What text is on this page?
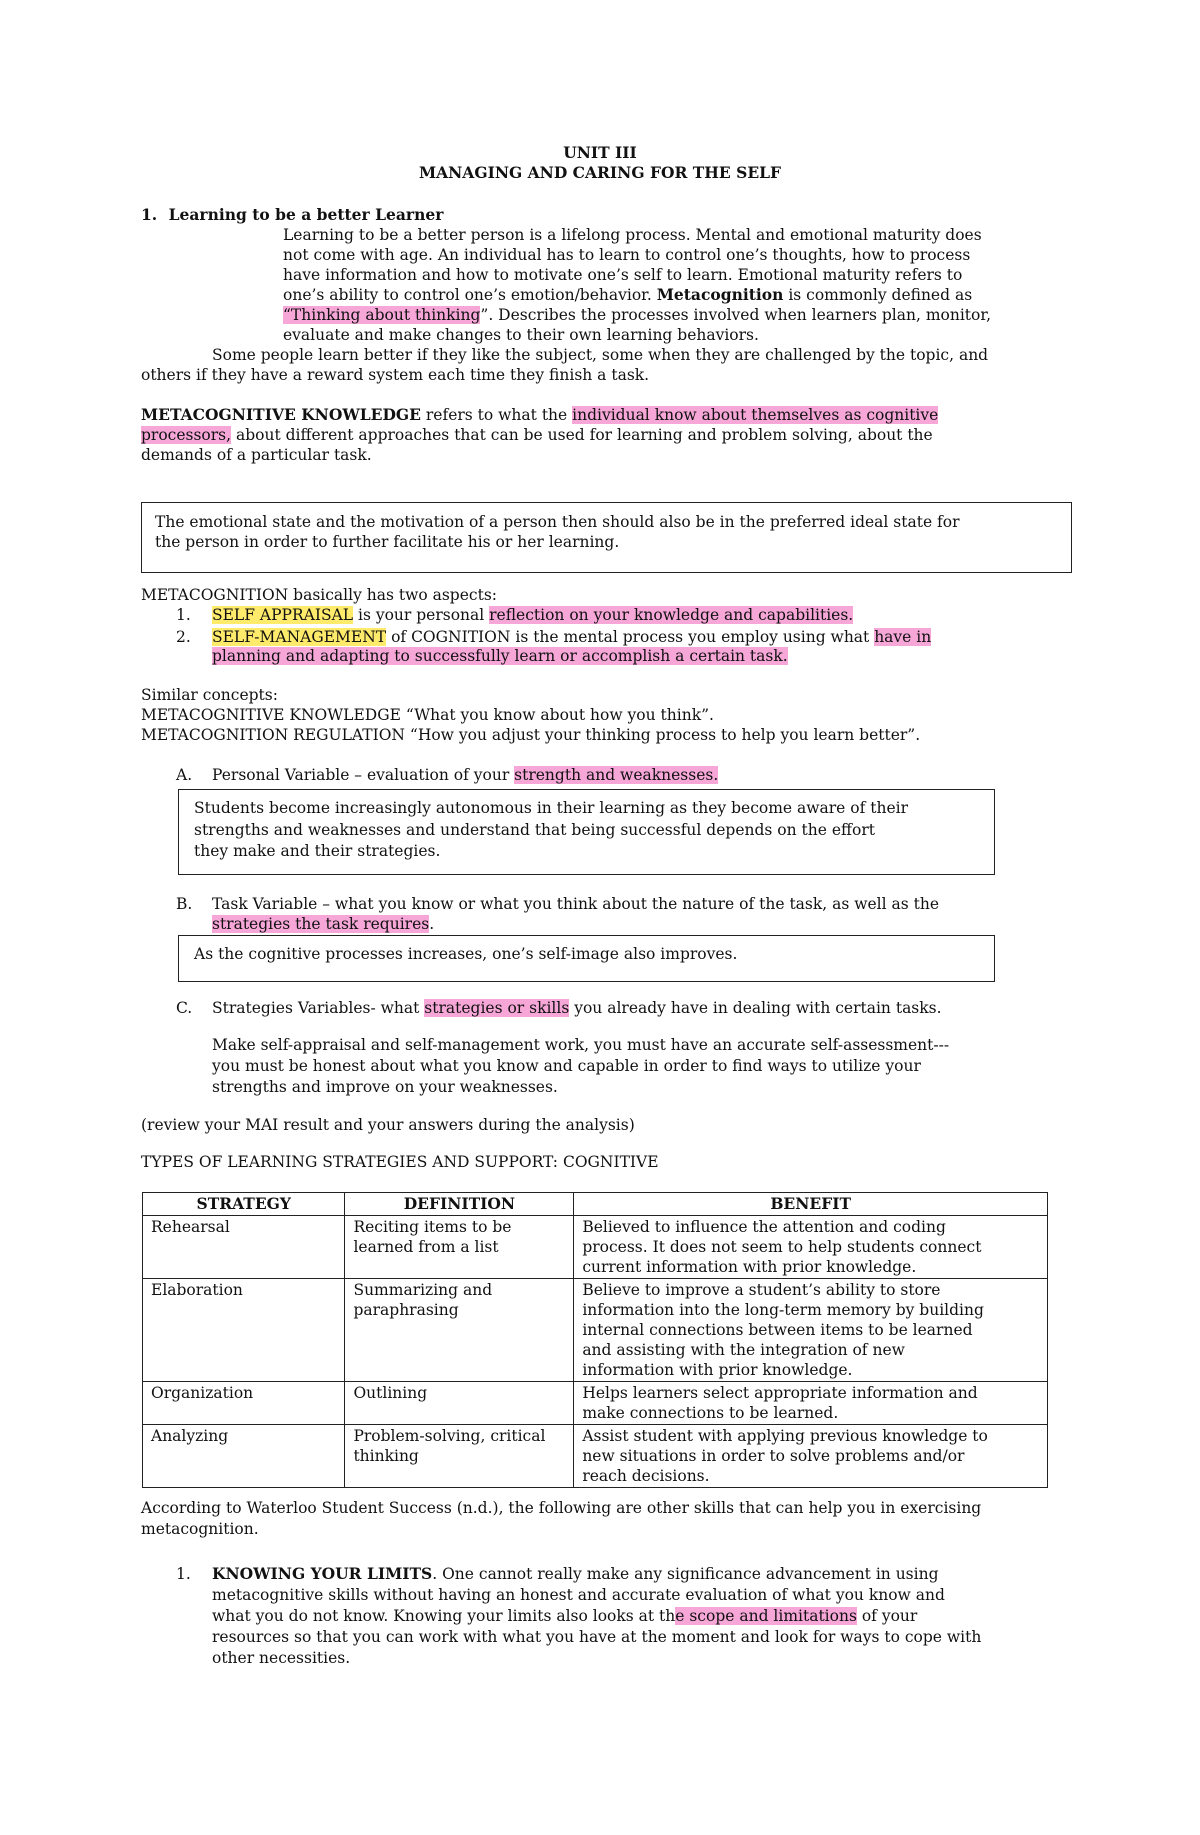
UNIT III
MANAGING AND CARING FOR THE SELF
1. Learning to be a better Learner
Learning to be a better person is a lifelong process. Mental and emotional maturity does
not come with age. An individual has to learn to control one’s thoughts, how to process
have information and how to motivate one’s self to learn. Emotional maturity refers to
one’s ability to control one’s emotion/behavior. Metacognition is commonly defined as
“Thinking about thinking”. Describes the processes involved when learners plan, monitor,
evaluate and make changes to their own learning behaviors.
Some people learn better if they like the subject, some when they are challenged by the topic, and
others if they have a reward system each time they finish a task.
METACOGNITIVE KNOWLEDGE refers to what the individual know about themselves as cognitive
processors, about different approaches that can be used for learning and problem solving, about the
demands of a particular task.
The emotional state and the motivation of a person then should also be in the preferred ideal state for
the person in order to further facilitate his or her learning.
METACOGNITION basically has two aspects:
1. SELF APPRAISAL is your personal reflection on your knowledge and capabilities.
2. SELF-MANAGEMENT of COGNITION is the mental process you employ using what have in
planning and adapting to successfully learn or accomplish a certain task.
Similar concepts:
METACOGNITIVE KNOWLEDGE “What you know about how you think”.
METACOGNITION REGULATION “How you adjust your thinking process to help you learn better”.
A. Personal Variable – evaluation of your strength and weaknesses.
Students become increasingly autonomous in their learning as they become aware of their
strengths and weaknesses and understand that being successful depends on the effort
they make and their strategies.
B. Task Variable – what you know or what you think about the nature of the task, as well as the
strategies the task requires.
As the cognitive processes increases, one’s self-image also improves.
C. Strategies Variables- what strategies or skills you already have in dealing with certain tasks.
Make self-appraisal and self-management work, you must have an accurate self-assessment---
you must be honest about what you know and capable in order to find ways to utilize your
strengths and improve on your weaknesses.
(review your MAI result and your answers during the analysis)
TYPES OF LEARNING STRATEGIES AND SUPPORT: COGNITIVE
STRATEGY	DEFINITION	BENEFIT
Rehearsal	Reciting items to be
learned from a list	Believed to influence the attention and coding
process. It does not seem to help students connect
current information with prior knowledge.

Elaboration	Summarizing and
paraphrasing	Believe to improve a student’s ability to store
information into the long-term memory by building
internal connections between items to be learned
and assisting with the integration of new
information with prior knowledge.

Organization	Outlining	Helps learners select appropriate information and
make connections to be learned.

Analyzing	Problem-solving, critical
thinking	Assist student with applying previous knowledge to
new situations in order to solve problems and/or
reach decisions.
According to Waterloo Student Success (n.d.), the following are other skills that can help you in exercising
metacognition.
1. KNOWING YOUR LIMITS. One cannot really make any significance advancement in using
metacognitive skills without having an honest and accurate evaluation of what you know and
what you do not know. Knowing your limits also looks at the scope and limitations of your
resources so that you can work with what you have at the moment and look for ways to cope with
other necessities.
